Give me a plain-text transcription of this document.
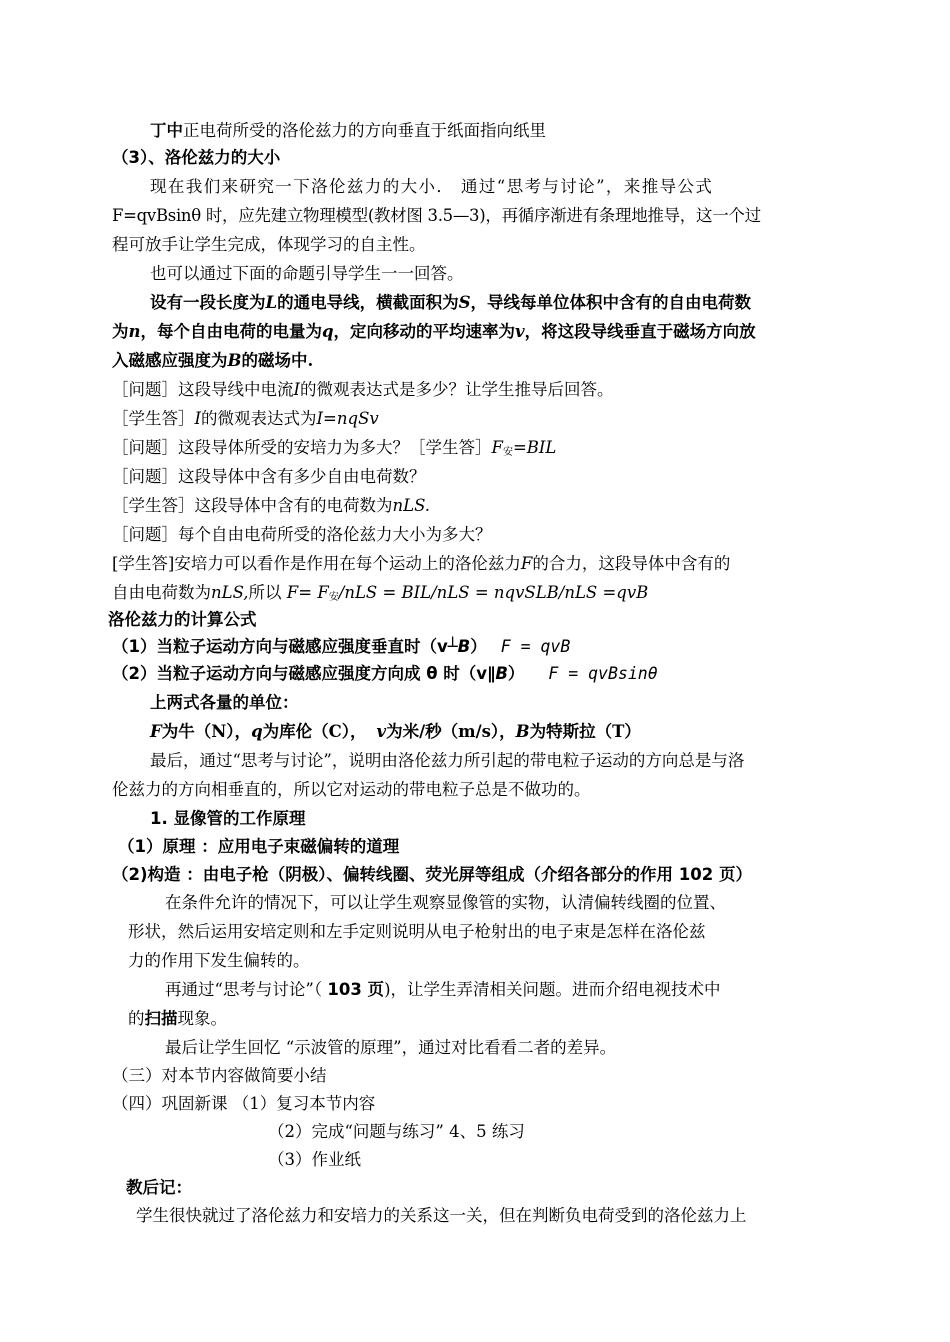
丁中正电荷所受的洛伦兹力的方向垂直于纸面指向纸里
（3）、洛伦兹力的大小
现在我们来研究一下洛伦兹力的大小． 通过“思考与讨论”，来推导公式
F=qvBsinθ 时，应先建立物理模型(教材图 3.5—3)，再循序渐进有条理地推导，这一个过
程可放手让学生完成，体现学习的自主性。
也可以通过下面的命题引导学生一一回答。
设有一段长度为L的通电导线，横截面积为S，导线每单位体积中含有的自由电荷数
为n，每个自由电荷的电量为q，定向移动的平均速率为v，将这段导线垂直于磁场方向放
入磁感应强度为B的磁场中.
［问题］这段导线中电流I的微观表达式是多少？让学生推导后回答。
［学生答］I的微观表达式为I=nqSv
［问题］这段导体所受的安培力为多大？［学生答］F安=BIL
［问题］这段导体中含有多少自由电荷数？
［学生答］这段导体中含有的电荷数为nLS.
［问题］每个自由电荷所受的洛伦兹力大小为多大？
[学生答]安培力可以看作是作用在每个运动上的洛伦兹力F的合力，这段导体中含有的
自由电荷数为nLS,所以 F= F安/nLS = BIL/nLS = nqvSLB/nLS =qvB
洛伦兹力的计算公式
（1）当粒子运动方向与磁感应强度垂直时（v┴B） F = qvB
（2）当粒子运动方向与磁感应强度方向成 θ 时（v∥B） F = qvBsinθ
上两式各量的单位：
F为牛（N），q为库伦（C）， v为米/秒（m/s），B为特斯拉（T）
最后，通过“思考与讨论”，说明由洛伦兹力所引起的带电粒子运动的方向总是与洛
伦兹力的方向相垂直的，所以它对运动的带电粒子总是不做功的。
1. 显像管的工作原理
（1）原理 ：应用电子束磁偏转的道理
（2)构造 ：由电子枪（阴极）、偏转线圈、荧光屏等组成（介绍各部分的作用 102 页）
在条件允许的情况下，可以让学生观察显像管的实物，认清偏转线圈的位置、
形状，然后运用安培定则和左手定则说明从电子枪射出的电子束是怎样在洛伦兹
力的作用下发生偏转的。
再通过“思考与讨论”（ 103 页)，让学生弄清相关问题。进而介绍电视技术中
的扫描现象。
最后让学生回忆 “示波管的原理”，通过对比看看二者的差异。
（三）对本节内容做简要小结
（四）巩固新课 （1）复习本节内容
（2）完成“问题与练习” 4、5 练习
（3）作业纸
教后记：
学生很快就过了洛伦兹力和安培力的关系这一关，但在判断负电荷受到的洛伦兹力上
